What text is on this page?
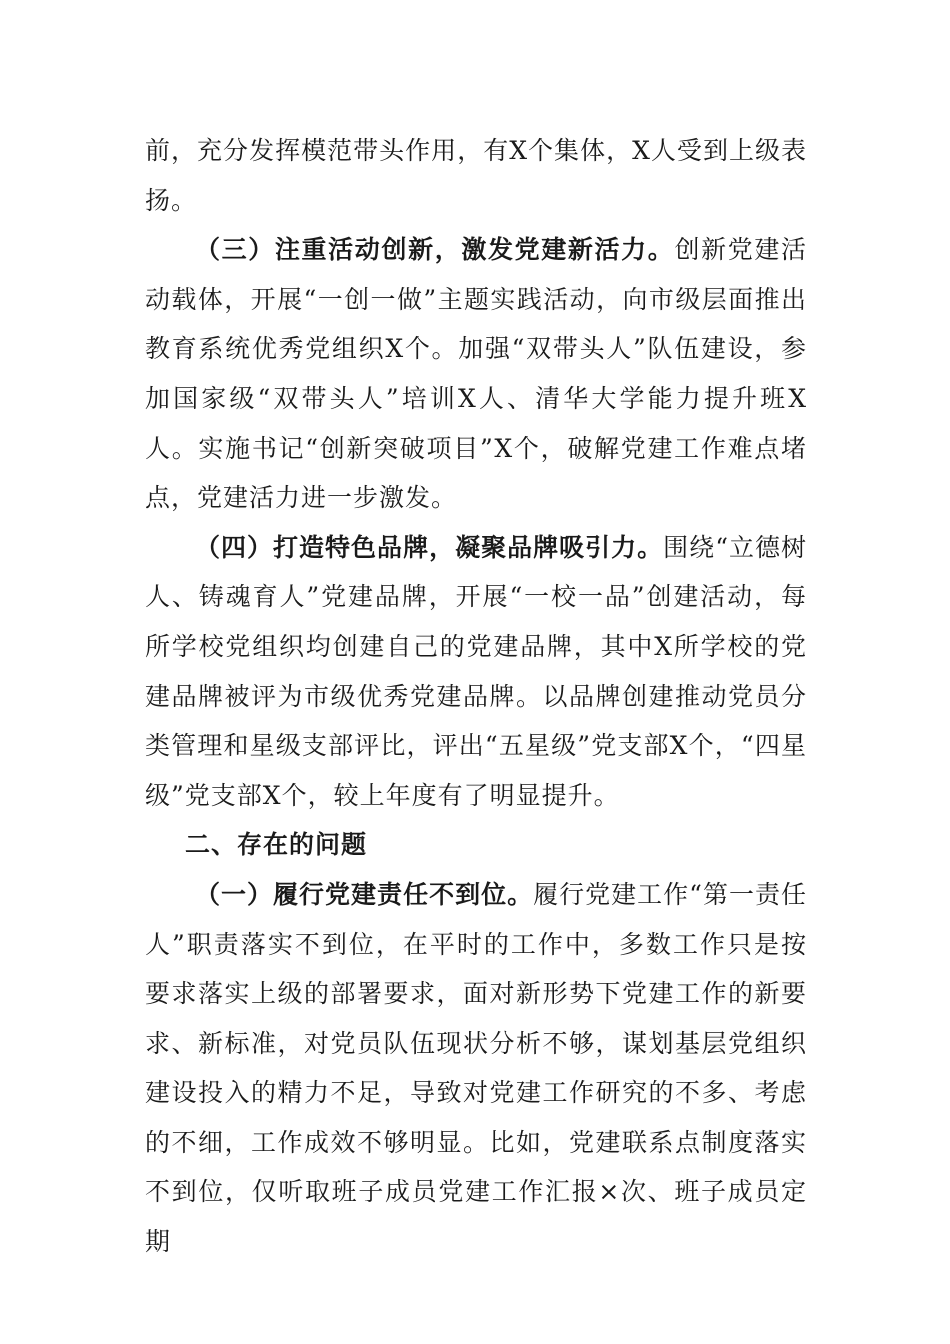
前，充分发挥模范带头作用，有Ⅹ个集体，Ⅹ人受到上级表扬。

（三）注重活动创新，激发党建新活力。创新党建活动载体，开展“一创一做”主题实践活动，向市级层面推出教育系统优秀党组织Ⅹ个。加强“双带头人”队伍建设，参加国家级“双带头人”培训Ⅹ人、清华大学能力提升班Ⅹ人。实施书记“创新突破项目”Ⅹ个，破解党建工作难点堵点，党建活力进一步激发。

（四）打造特色品牌，凝聚品牌吸引力。围绕“立德树人、铸魂育人”党建品牌，开展“一校一品”创建活动，每所学校党组织均创建自己的党建品牌，其中Ⅹ所学校的党建品牌被评为市级优秀党建品牌。以品牌创建推动党员分类管理和星级支部评比，评出“五星级”党支部Ⅹ个，“四星级”党支部Ⅹ个，较上年度有了明显提升。

二、存在的问题

（一）履行党建责任不到位。履行党建工作“第一责任人”职责落实不到位，在平时的工作中，多数工作只是按要求落实上级的部署要求，面对新形势下党建工作的新要求、新标准，对党员队伍现状分析不够，谋划基层党组织建设投入的精力不足，导致对党建工作研究的不多、考虑的不细，工作成效不够明显。比如，党建联系点制度落实不到位，仅听取班子成员党建工作汇报×次、班子成员定期
